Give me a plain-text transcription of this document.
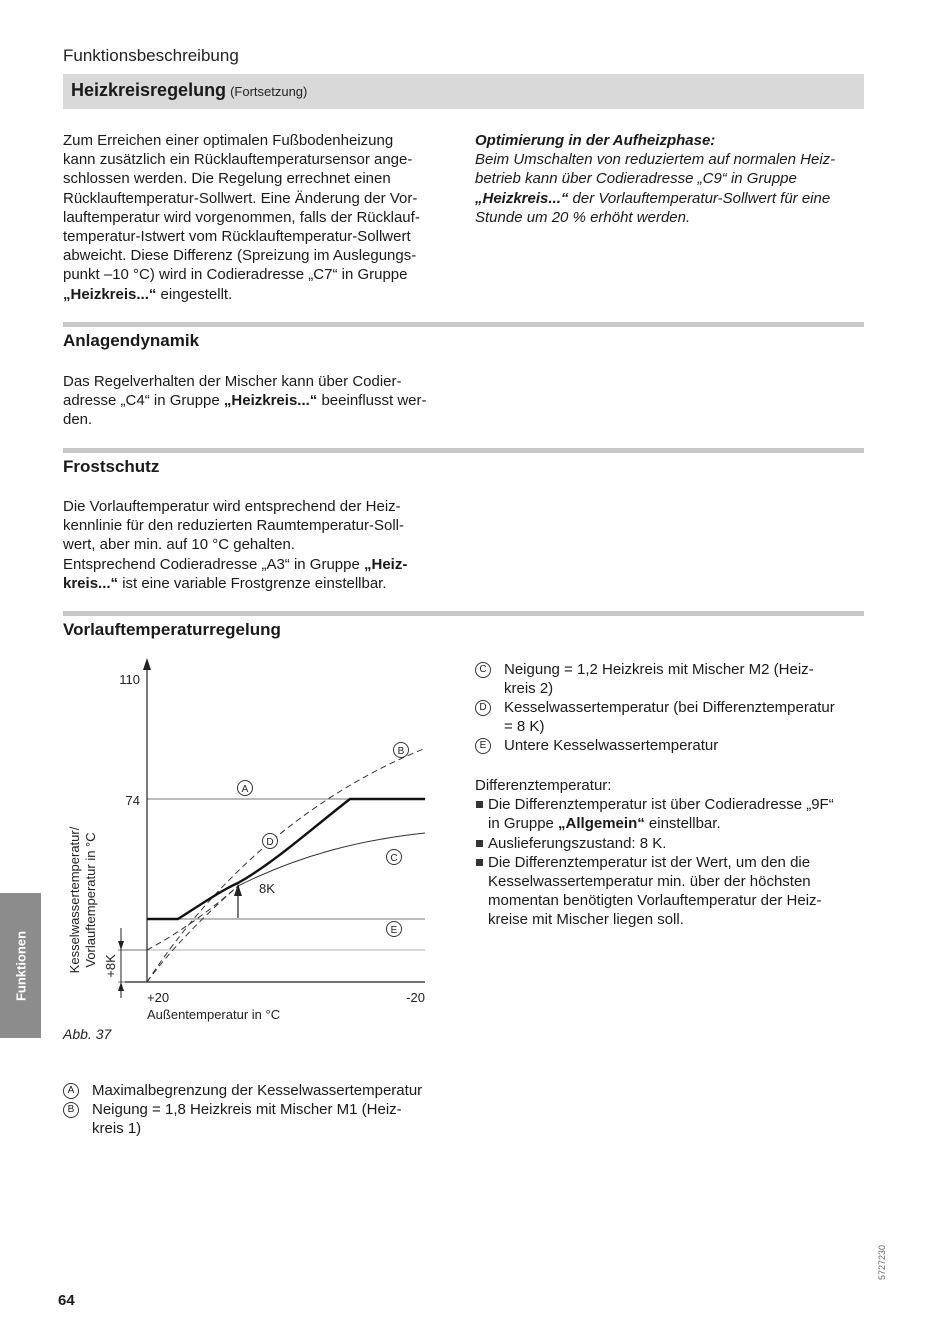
Funktionsbeschreibung
Heizkreisregelung (Fortsetzung)

Zum Erreichen einer optimalen Fußbodenheizung

kann zusätzlich ein Rücklauftemperatursensor ange-

schlossen werden. Die Regelung errechnet einen

Rücklauftemperatur-Sollwert. Eine Änderung der Vor-

lauftemperatur wird vorgenommen, falls der Rücklauf-

temperatur-Istwert vom Rücklauftemperatur-Sollwert

abweicht. Diese Differenz (Spreizung im Auslegungs-

punkt –10 °C) wird in Codieradresse „C7“ in Gruppe

„Heizkreis...“ eingestellt.

Optimierung in der Aufheizphase:

Beim Umschalten von reduziertem auf normalen Heiz-

betrieb kann über Codieradresse „C9“ in Gruppe

„Heizkreis...“ der Vorlauftemperatur-Sollwert für eine

Stunde um 20 % erhöht werden.

Anlagendynamik

Das Regelverhalten der Mischer kann über Codier-

adresse „C4“ in Gruppe „Heizkreis...“ beeinflusst wer-

den.

Frostschutz

Die Vorlauftemperatur wird entsprechend der Heiz-

kennlinie für den reduzierten Raumtemperatur-Soll-

wert, aber min. auf 10 °C gehalten.

Entsprechend Codieradresse „A3“ in Gruppe „Heiz-

kreis...“ ist eine variable Frostgrenze einstellbar.

Vorlauftemperaturregelung
110
74
+20	-20
Außentemperatur in °C
8K
Kesselwassertemperatur/ Vorlauftemperatur in °C +8K
A
B
C
D
E
Abb. 37
A	Maximalbegrenzung der Kesselwassertemperatur
B	Neigung = 1,8 Heizkreis mit Mischer M1 (Heiz-
kreis 1)
C Neigung = 1,2 Heizkreis mit Mischer M2 (Heiz-
kreis 2)
D Kesselwassertemperatur (bei Differenztemperatur
= 8 K)
E	Untere Kesselwassertemperatur

Differenztemperatur:

Die Differenztemperatur ist über Codieradresse „9F“
in Gruppe „Allgemein“ einstellbar.
Auslieferungszustand: 8 K.
Die Differenztemperatur ist der Wert, um den die
Kesselwassertemperatur min. über der höchsten
momentan benötigten Vorlauftemperatur der Heiz-
kreise mit Mischer liegen soll.
Funktionen
64
5727230
